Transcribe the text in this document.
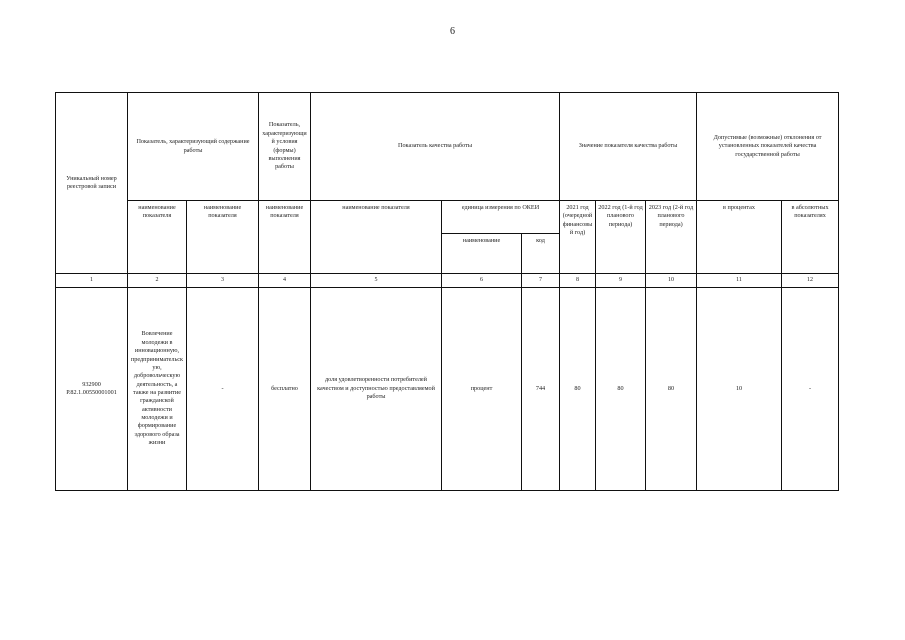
6
Уникальный номер реестровой записи	Показатель, характеризующий содержание работы		Показатель, характеризующий условия (формы) выполнения работы	Показатель качества работы			Значение показателя качества работы			Допустимые (возможные) отклонения от установленных показателей качества государственной работы	
	наименование показателя	наименование показателя	наименование показателя	наименование показателя	единица измерения по ОКЕИ		2021 год (очередной финансовый год)	2022 год (1-й год планового периода)	2023 год (2-й год планового периода)	в процентах	в абсолютных показателях
					наименование	код					
1	2	3	4	5	6	7	8	9	10	11	12
932900 Р.82.1.00550001001	Вовлечение молодежи в инновационную, предпринимательскую, добровольческую деятельность, а также на развитие гражданской активности молодежи и формирование здорового образа жизни	-	бесплатно	доля удовлетворенности потребителей качеством и доступностью предоставляемой работы	процент	744	80	80	80	10	-
